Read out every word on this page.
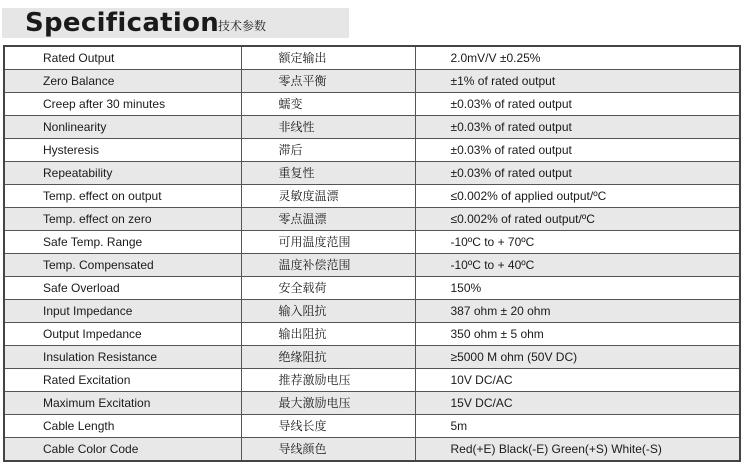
Specification
技术参数
Rated Output	额定输出	2.0mV/V ±0.25%
Zero Balance	零点平衡	±1% of rated output
Creep after 30 minutes	蠕变	±0.03% of rated output
Nonlinearity	非线性	±0.03% of rated output
Hysteresis	滞后	±0.03% of rated output
Repeatability	重复性	±0.03% of rated output
Temp. effect on output	灵敏度温漂	≤0.002% of applied output/ºC
Temp. effect on zero	零点温漂	≤0.002% of rated output/ºC
Safe Temp. Range	可用温度范围	-10ºC to + 70ºC
Temp. Compensated	温度补偿范围	-10ºC to + 40ºC
Safe Overload	安全载荷	150%
Input Impedance	输入阻抗	387 ohm ± 20 ohm
Output Impedance	输出阻抗	350 ohm ± 5 ohm
Insulation Resistance	绝缘阻抗	≥5000 M ohm (50V DC)
Rated Excitation	推荐激励电压	10V DC/AC
Maximum Excitation	最大激励电压	15V DC/AC
Cable Length	导线长度	5m
Cable Color Code	导线颜色	Red(+E) Black(-E) Green(+S) White(-S)
